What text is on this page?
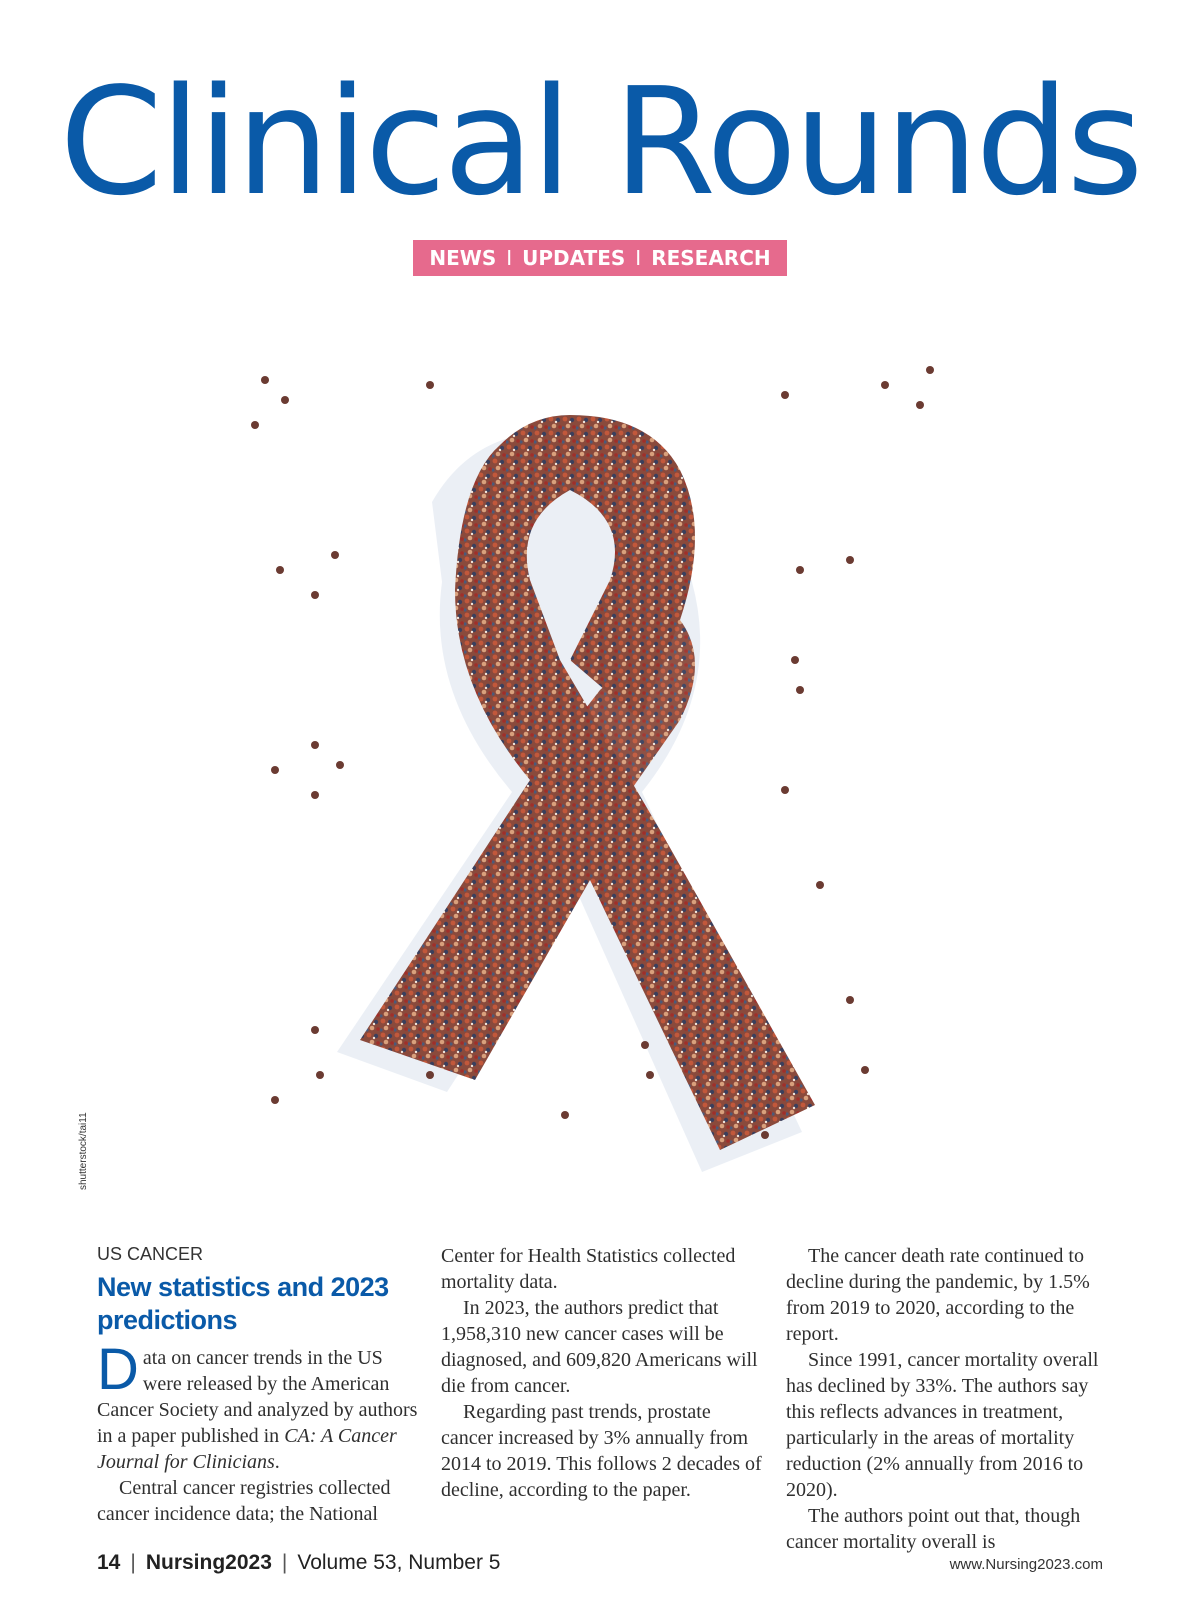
Clinical Rounds
NEWS I UPDATES I RESEARCH
shutterstock/tai11
US CANCER
New statistics and 2023 predictions

Data on cancer trends in the US were released by the American Cancer Society and analyzed by authors in a paper published in CA: A Cancer Journal for Clinicians.

Central cancer registries collected cancer incidence data; the National

Center for Health Statistics collected mortality data.

In 2023, the authors predict that 1,958,310 new cancer cases will be diagnosed, and 609,820 Americans will die from cancer.

Regarding past trends, prostate cancer increased by 3% annually from 2014 to 2019. This follows 2 decades of decline, according to the paper.

The cancer death rate continued to decline during the pandemic, by 1.5% from 2019 to 2020, according to the report.

Since 1991, cancer mortality overall has declined by 33%. The authors say this reflects advances in treatment, particularly in the areas of mortality reduction (2% annually from 2016 to 2020).

The authors point out that, though cancer mortality overall is

14 | Nursing2023 | Volume 53, Number 5	www.Nursing2023.com
